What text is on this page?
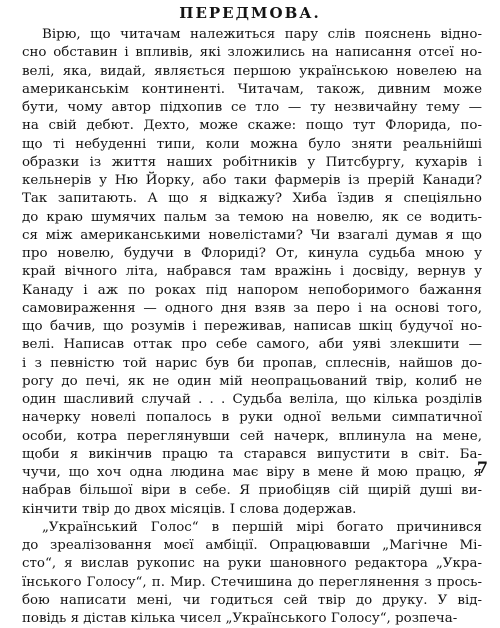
ПЕРЕДМОВА.
Вірю, що читачам належиться пару слів пояснень відно-
сно обставин і впливів, які зложились на написання отсеї но-
велі, яка, видай, являється першою українською новелею на
американськім континенті. Читачам, також, дивним може
бути, чому автор підхопив се тло — ту незвичайну тему —
на свій дебют. Дехто, може скаже: пощо тут Флорида, по-
що ті небуденні типи, коли можна було зняти реальнійші
образки із життя наших робітників у Питсбургу, кухарів і
кельнерів у Ню Йорку, або таки фармерів із прерій Канади?
Так запитають. А що я відкажу? Хиба їздив я спеціяльно
до краю шумячих пальм за темою на новелю, як се водить-
ся між американськими новелістами? Чи взагалі думав я що
про новелю, будучи в Флориді? От, кинула судьба мною у
край вічного літа, набрався там вражінь і досвіду, вернув у
Канаду і аж по роках під напором непоборимого бажання
самовираження — одного дня взяв за перо і на основі того,
що бачив, що розумів і переживав, написав шкіц будучої но-
велі. Написав оттак про себе самого, аби уяві злекшити —
і з певністю той нарис був би пропав, сплеснів, найшов до-
рогу до печі, як не один мій неопрацьований твір, колиб не
один шасливий случай . . . Судьба веліла, що кілька розділів
начерку новелі попалось в руки одної вельми симпатичної
особи, котра переглянувши сей начерк, вплинула на мене,
щоби я викінчив працю та старався випустити в світ. Ба-
чучи, що хоч одна людина має віру в мене й мою працю, я
набрав більшої віри в себе. Я приобіцяв сій щирій душі ви-
кінчити твір до двох місяців. І слова додержав.
„Український Голос“ в першій мірі богато причинився
до зреалізовання моєї амбіції. Опрацювавши „Магічне Мі-
сто“, я вислав рукопис на руки шановного редактора „Укра-
їнського Голосу“, п. Мир. Стечишина до переглянення з прось-
бою написати мені, чи годиться сей твір до друку. У від-
повідь я дістав кілька чисел „Українського Голосу“, розпеча-
7
